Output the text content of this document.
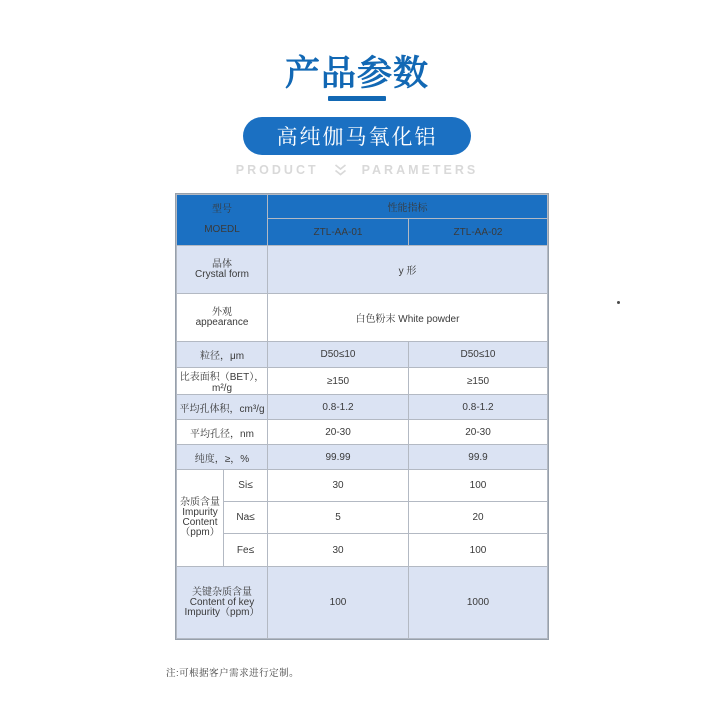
产品参数
高纯伽马氧化铝
PRODUCT	PARAMETERS
型号
MOEDL		性能指标	
		ZTL-AA-01	ZTL-AA-02

晶体
Crystal form		y 形	

外观
appearance		白色粉末 White powder	
粒径，μm		D50≤10	D50≤10
比表面积（BET），m²/g		≥150	≥150
平均孔体积，cm³/g		0.8-1.2	0.8-1.2
平均孔径，nm		20-30	20-30
纯度，≥，%		99.99	99.9

杂质含量
Impurity
Content
（ppm）	Si≤	30	100
	Na≤	5	20
	Fe≤	30	100

关键杂质含量
Content of key
Impurity（ppm）		100	1000
注:可根据客户需求进行定制。
